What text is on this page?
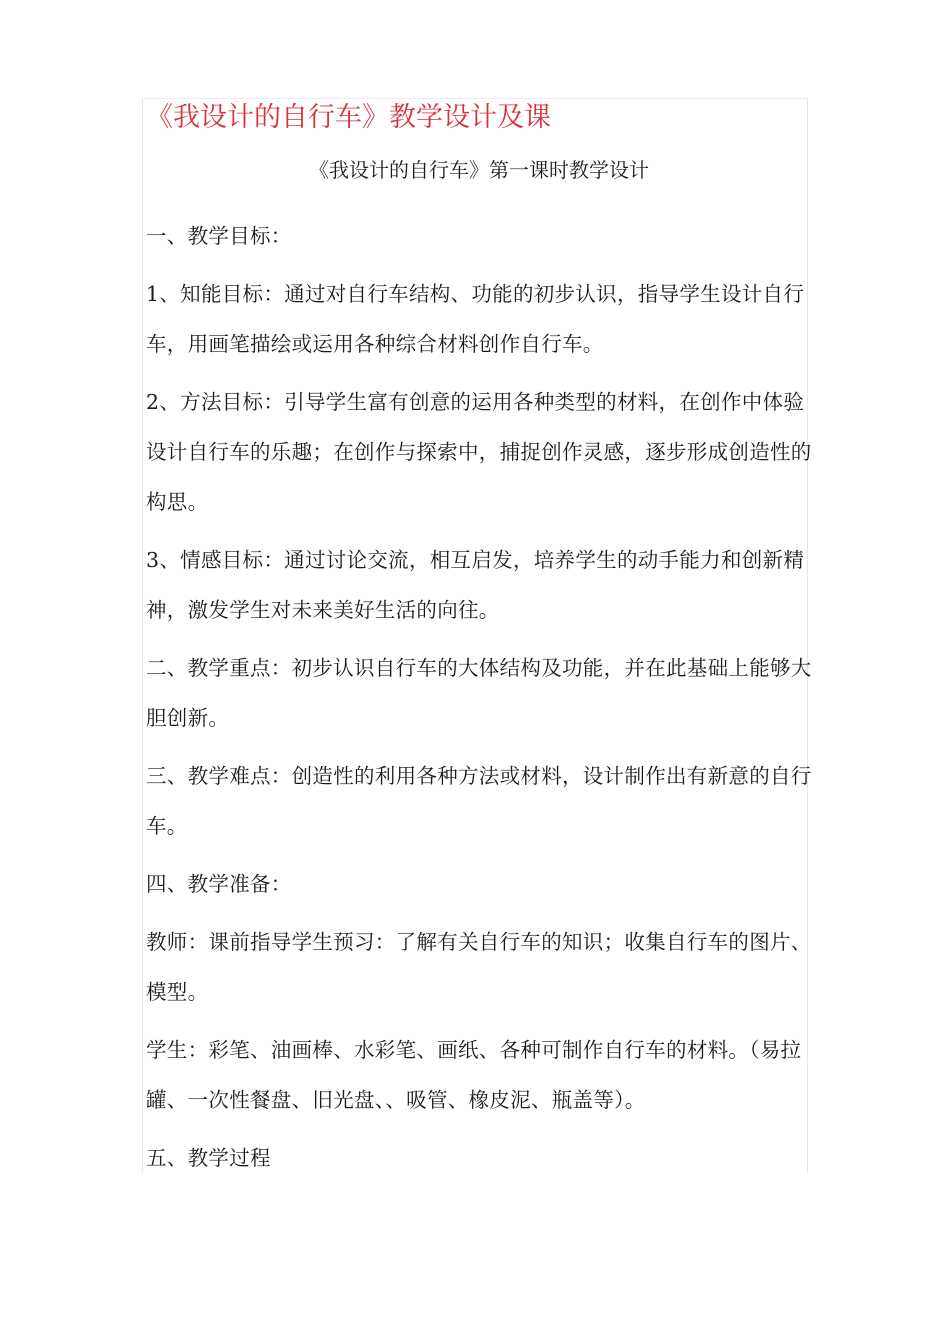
《我设计的自行车》教学设计及课
《我设计的自行车》第一课时教学设计

一、教学目标：

1、知能目标：通过对自行车结构、功能的初步认识，指导学生设计自行车，用画笔描绘或运用各种综合材料创作自行车。

2、方法目标：引导学生富有创意的运用各种类型的材料，在创作中体验设计自行车的乐趣；在创作与探索中，捕捉创作灵感，逐步形成创造性的构思。

3、情感目标：通过讨论交流，相互启发，培养学生的动手能力和创新精神，激发学生对未来美好生活的向往。

二、教学重点：初步认识自行车的大体结构及功能，并在此基础上能够大胆创新。

三、教学难点：创造性的利用各种方法或材料，设计制作出有新意的自行车。

四、教学准备：

教师：课前指导学生预习：了解有关自行车的知识；收集自行车的图片、模型。

学生：彩笔、油画棒、水彩笔、画纸、各种可制作自行车的材料。（易拉罐、一次性餐盘、旧光盘、、吸管、橡皮泥、瓶盖等）。

五、教学过程
